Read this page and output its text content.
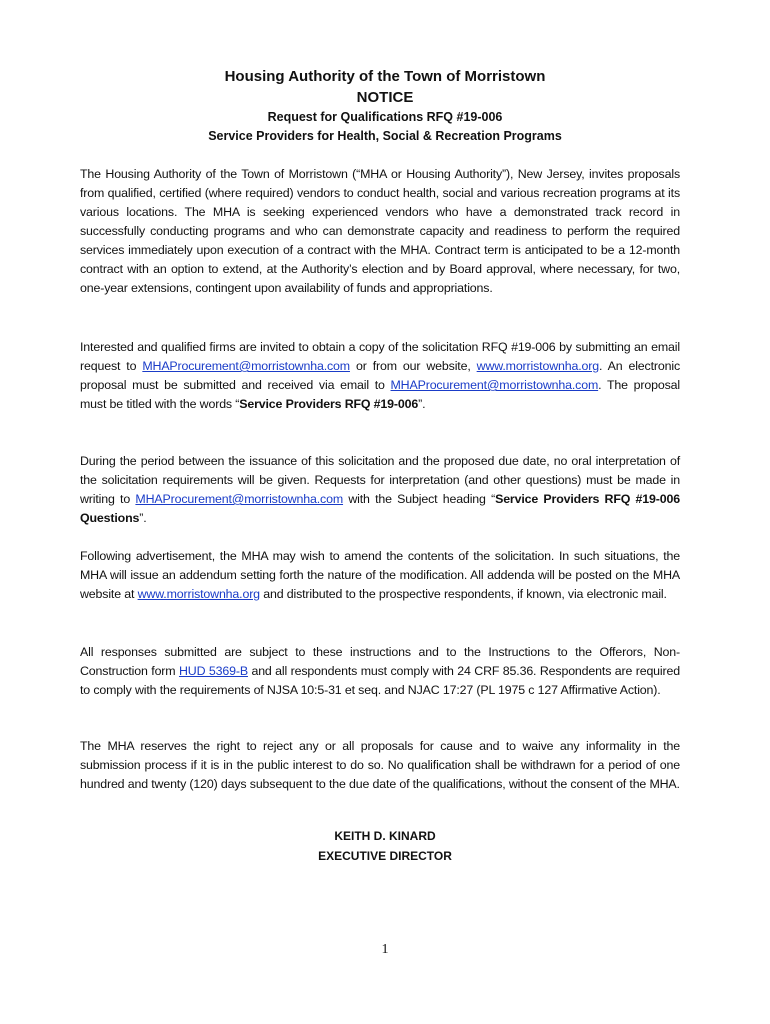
Housing Authority of the Town of Morristown
NOTICE
Request for Qualifications RFQ #19-006
Service Providers for Health, Social & Recreation Programs

The Housing Authority of the Town of Morristown (“MHA or Housing Authority”), New Jersey, invites proposals from qualified, certified (where required) vendors to conduct health, social and various recreation programs at its various locations. The MHA is seeking experienced vendors who have a demonstrated track record in successfully conducting programs and who can demonstrate capacity and readiness to perform the required services immediately upon execution of a contract with the MHA. Contract term is anticipated to be a 12-month contract with an option to extend, at the Authority’s election and by Board approval, where necessary, for two, one-year extensions, contingent upon availability of funds and appropriations.

Interested and qualified firms are invited to obtain a copy of the solicitation RFQ #19-006 by submitting an email request to MHAProcurement@morristownha.com or from our website, www.morristownha.org. An electronic proposal must be submitted and received via email to MHAProcurement@morristownha.com. The proposal must be titled with the words “Service Providers RFQ #19-006”.

During the period between the issuance of this solicitation and the proposed due date, no oral interpretation of the solicitation requirements will be given. Requests for interpretation (and other questions) must be made in writing to MHAProcurement@morristownha.com with the Subject heading “Service Providers RFQ #19-006 Questions”.

Following advertisement, the MHA may wish to amend the contents of the solicitation. In such situations, the MHA will issue an addendum setting forth the nature of the modification. All addenda will be posted on the MHA website at www.morristownha.org and distributed to the prospective respondents, if known, via electronic mail.

All responses submitted are subject to these instructions and to the Instructions to the Offerors, Non-Construction form HUD 5369-B and all respondents must comply with 24 CRF 85.36. Respondents are required to comply with the requirements of NJSA 10:5-31 et seq. and NJAC 17:27 (PL 1975 c 127 Affirmative Action).

The MHA reserves the right to reject any or all proposals for cause and to waive any informality in the submission process if it is in the public interest to do so. No qualification shall be withdrawn for a period of one hundred and twenty (120) days subsequent to the due date of the qualifications, without the consent of the MHA.

KEITH D. KINARD
EXECUTIVE DIRECTOR
1
